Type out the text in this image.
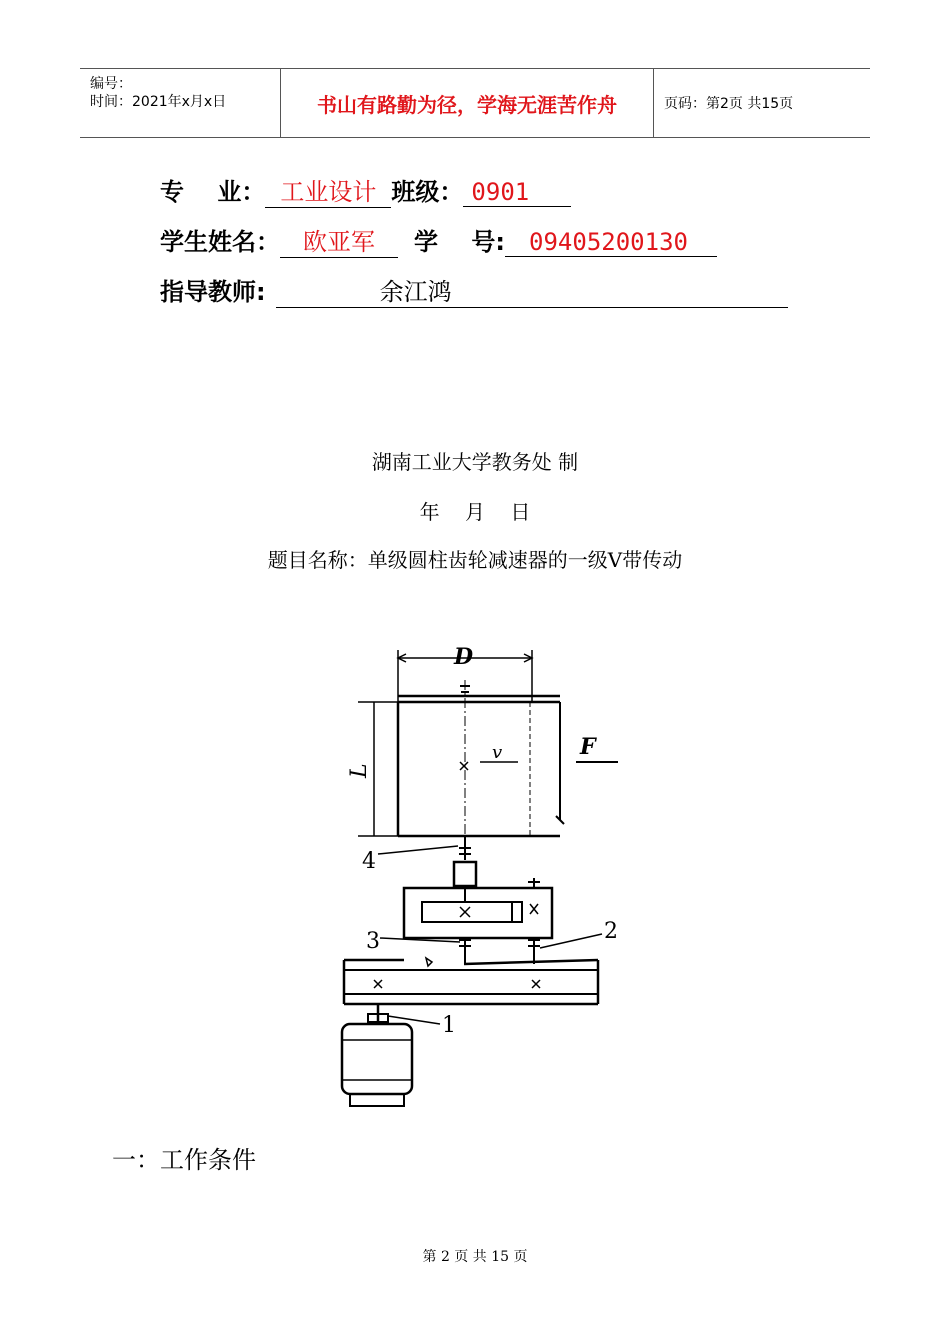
编号：
时间：2021年x月x日	书山有路勤为径，学海无涯苦作舟	页码：第2页 共15页
专    业： 工业设计 班级： 0901
学生姓名： 欧亚军 学    号: 09405200130
指导教师:	余江鸿
湖南工业大学教务处 制
年    月    日
题目名称：单级圆柱齿轮减速器的一级V带传动
D
L
v	F
4
3	2
1
一：工作条件
第 2 页 共 15 页
